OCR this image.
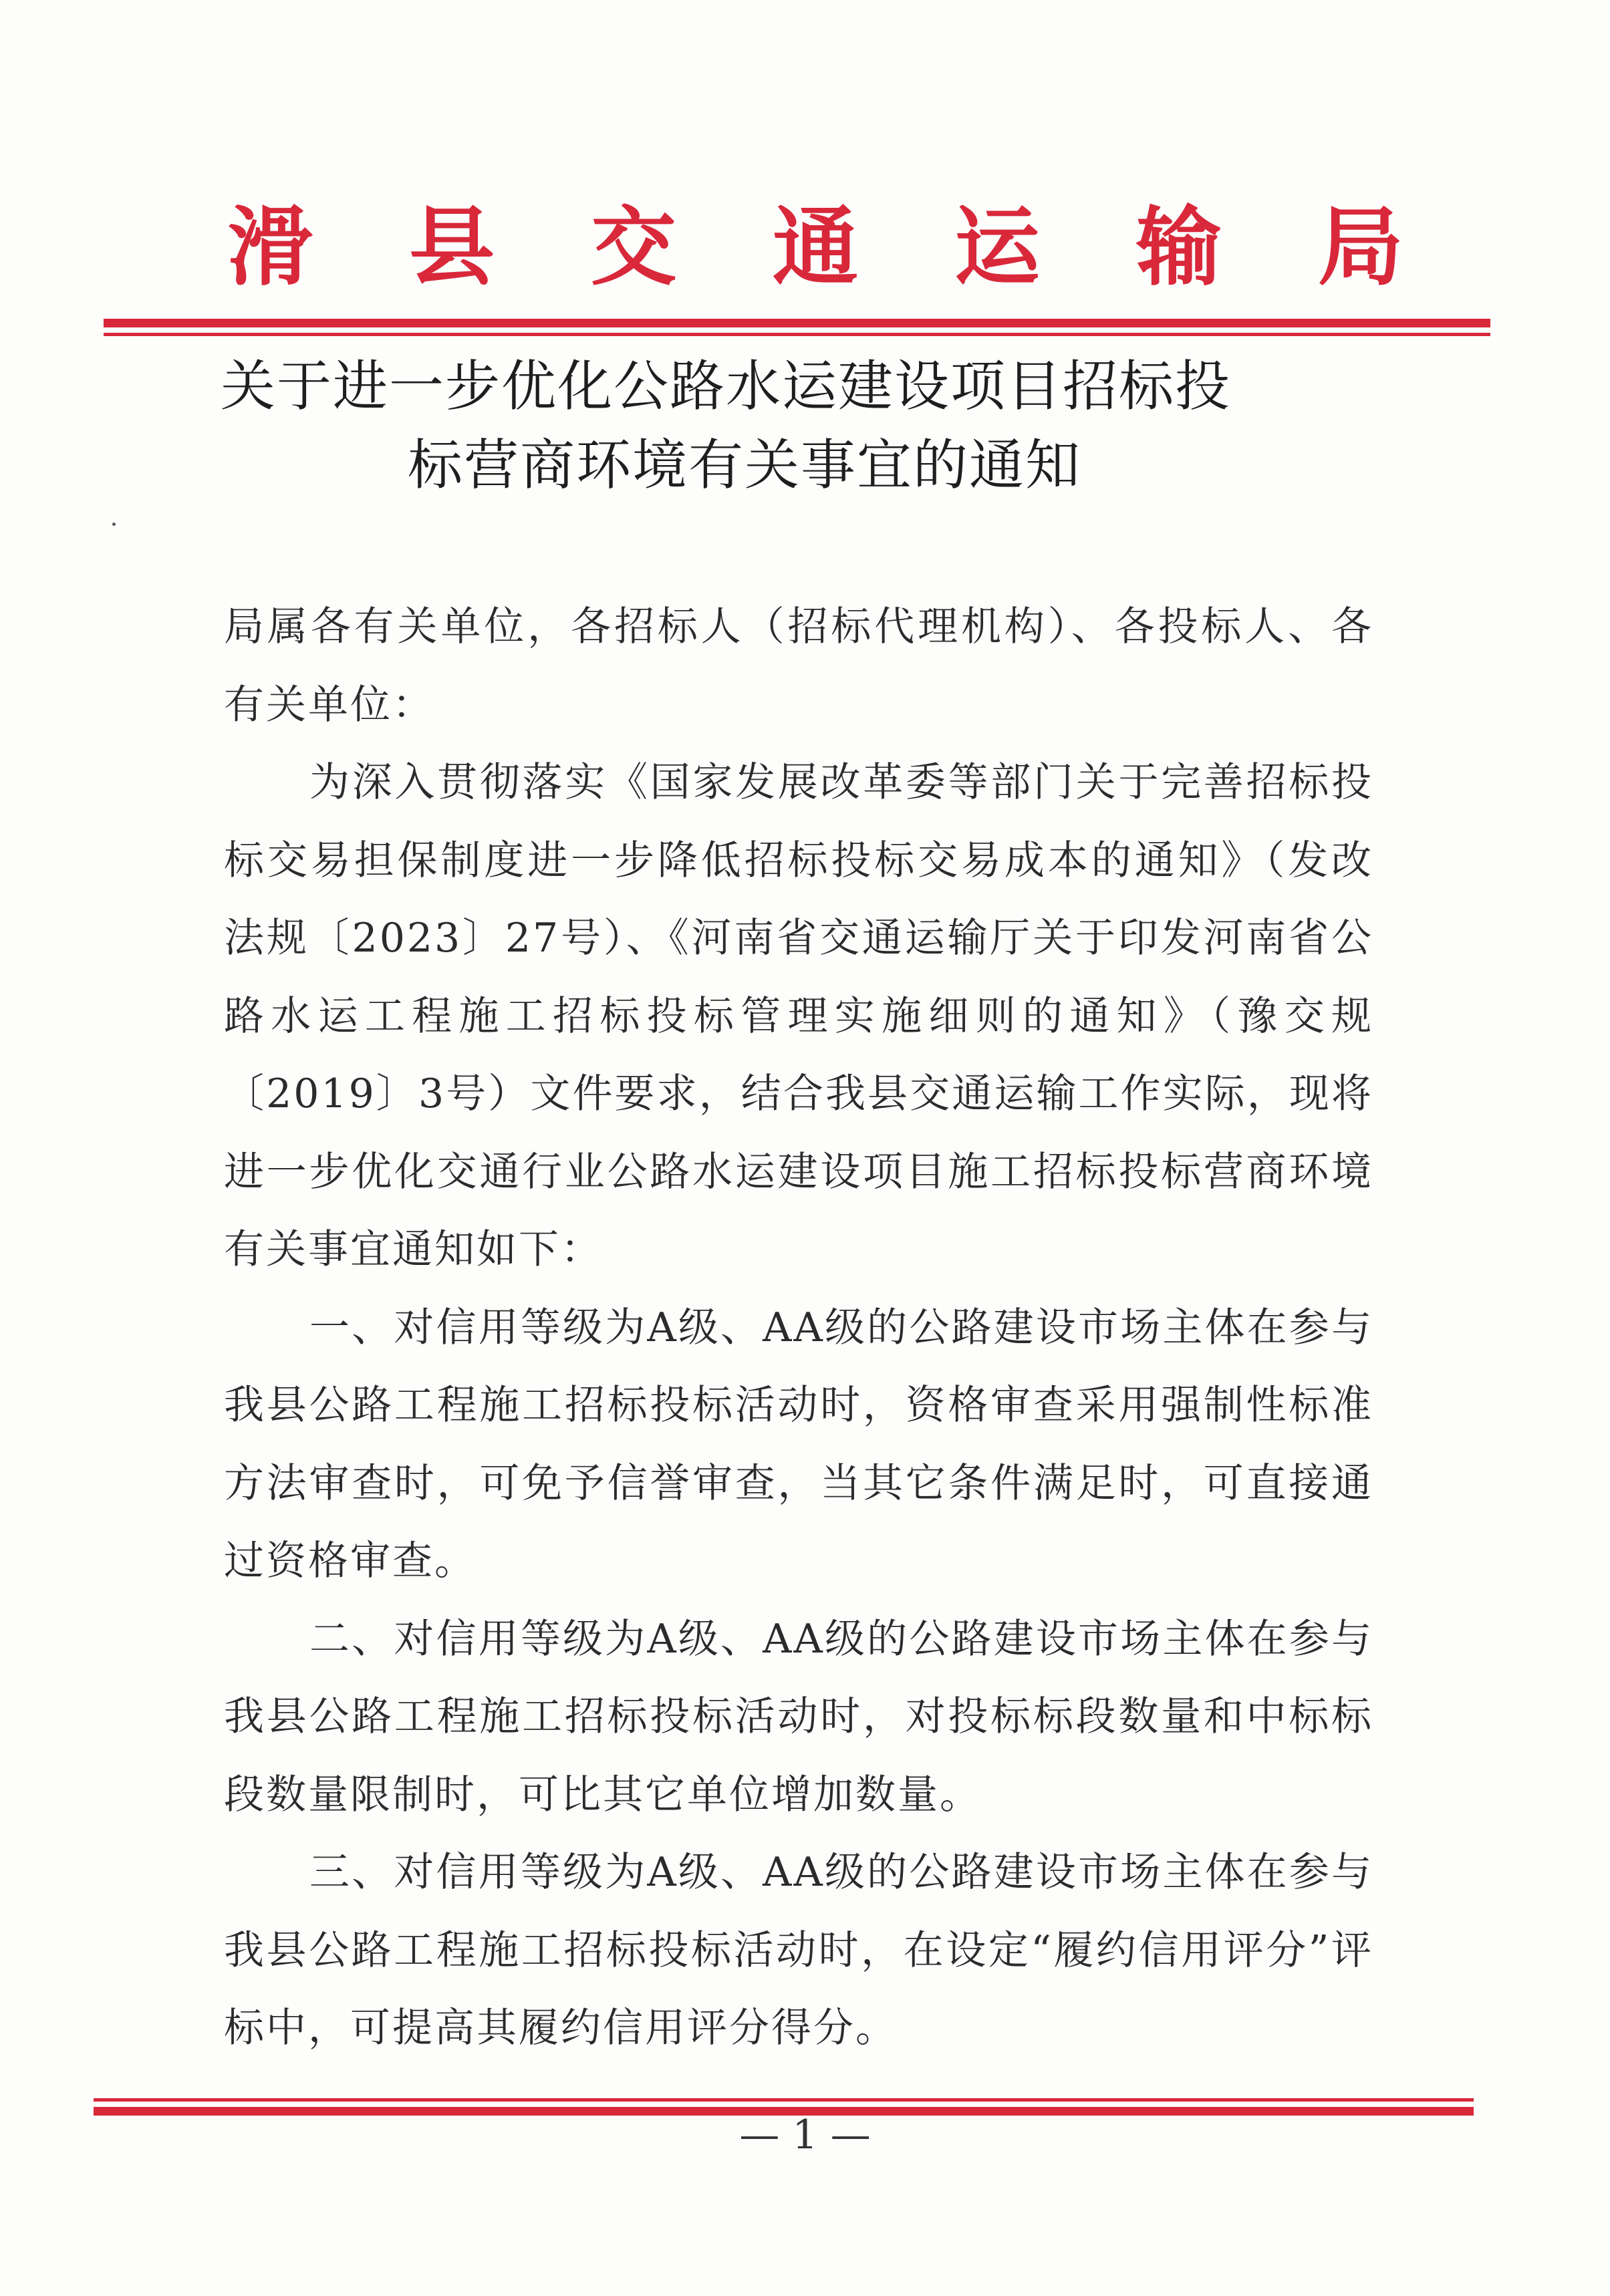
滑 县 交 通 运 输 局
关于进一步优化公路水运建设项目招标投
标营商环境有关事宜的通知

局属各有关单位，各招标人（招标代理机构）、各投标人、各有关单位：

为深入贯彻落实《国家发展改革委等部门关于完善招标投标交易担保制度进一步降低招标投标交易成本的通知》（发改法规〔2023〕27号）、《河南省交通运输厅关于印发河南省公路水运工程施工招标投标管理实施细则的通知》（豫交规〔2019〕3号）文件要求，结合我县交通运输工作实际，现将进一步优化交通行业公路水运建设项目施工招标投标营商环境有关事宜通知如下：

一、对信用等级为A级、AA级的公路建设市场主体在参与我县公路工程施工招标投标活动时，资格审查采用强制性标准方法审查时，可免予信誉审查，当其它条件满足时，可直接通过资格审查。

二、对信用等级为A级、AA级的公路建设市场主体在参与我县公路工程施工招标投标活动时，对投标标段数量和中标标段数量限制时，可比其它单位增加数量。

三、对信用等级为A级、AA级的公路建设市场主体在参与我县公路工程施工招标投标活动时，在设定“履约信用评分”评标中，可提高其履约信用评分得分。

— 1 —
